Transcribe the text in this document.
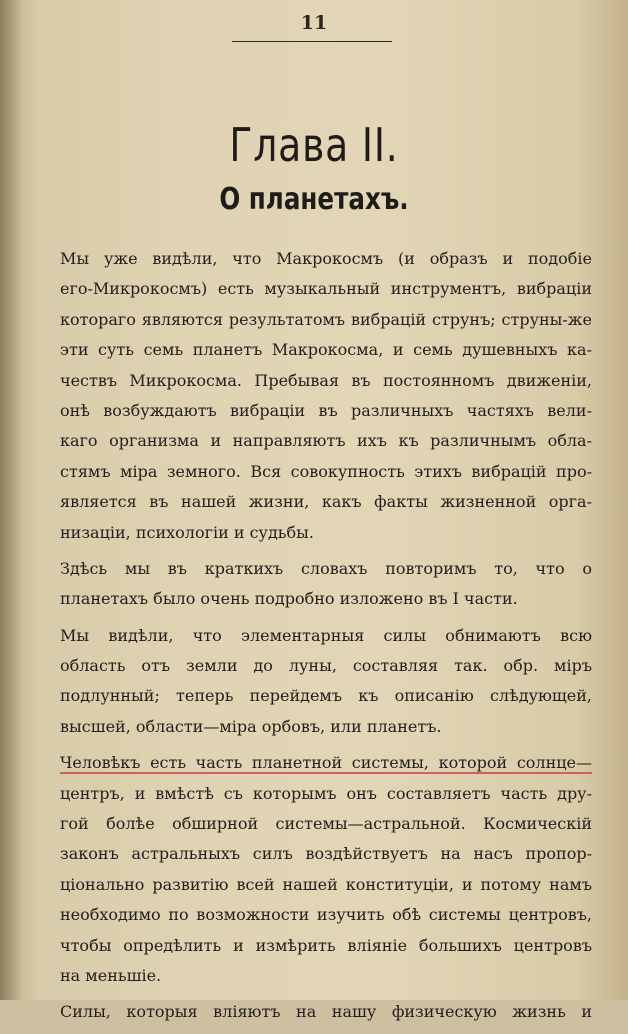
11
Глава II.
О планетахъ.
Мы уже видѣли, что Макрокосмъ (и образъ и подобіе
его-Микрокосмъ) есть музыкальный инструментъ, вибраціи
котораго являются результатомъ вибрацій струнъ; струны-же
эти суть семь планетъ Макрокосма, и семь душевныхъ ка-
чествъ Микрокосма. Пребывая въ постоянномъ движеніи,
онѣ возбуждаютъ вибраціи въ различныхъ частяхъ вели-
каго организма и направляютъ ихъ къ различнымъ обла-
стямъ міра земного. Вся совокупность этихъ вибрацій про-
является въ нашей жизни, какъ факты жизненной орга-
низаціи, психологіи и судьбы.
Здѣсь мы въ краткихъ словахъ повторимъ то, что о
планетахъ было очень подробно изложено въ I части.
Мы видѣли, что элементарныя силы обнимаютъ всю
область отъ земли до луны, составляя так. обр. міръ
подлунный; теперь перейдемъ къ описанію слѣдующей,
высшей, области—міра орбовъ, или планетъ.
Человѣкъ есть часть планетной системы, которой солнце—
центръ, и вмѣстѣ съ которымъ онъ составляетъ часть дру-
гой болѣе обширной системы—астральной. Космическій
законъ астральныхъ силъ воздѣйствуетъ на насъ пропор-
ціонально развитію всей нашей конституціи, и потому намъ
необходимо по возможности изучить обѣ системы центровъ,
чтобы опредѣлить и измѣрить вліяніе большихъ центровъ
на меньшіе.
Силы, которыя вліяютъ на нашу физическую жизнь и
